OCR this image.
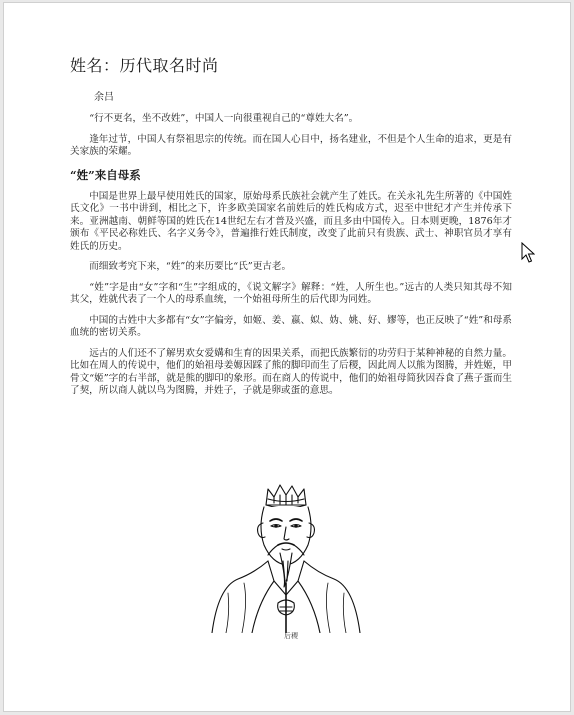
姓名：历代取名时尚
余吕

“行不更名，坐不改姓”，中国人一向很重视自己的“尊姓大名”。

逢年过节，中国人有祭祖思宗的传统。而在国人心目中，扬名建业，不但是个人生命的追求，更是有关家族的荣耀。

“姓”来自母系

中国是世界上最早使用姓氏的国家，原始母系氏族社会就产生了姓氏。在关永礼先生所著的《中国姓氏文化》一书中讲到，相比之下，许多欧美国家名前姓后的姓氏构成方式，迟至中世纪才产生并传承下来。亚洲越南、朝鲜等国的姓氏在14世纪左右才普及兴盛，而且多由中国传入。日本则更晚，1876年才颁布《平民必称姓氏、名字义务令》，普遍推行姓氏制度，改变了此前只有贵族、武士、神职官员才享有姓氏的历史。

而细致考究下来，“姓”的来历要比“氏”更古老。

“姓”字是由“女”字和“生”字组成的，《说文解字》解释：“姓，人所生也。”远古的人类只知其母不知其父，姓就代表了一个人的母系血统，一个始祖母所生的后代即为同姓。

中国的古姓中大多都有“女”字偏旁，如姬、姜、嬴、姒、妫、姚、好、嫪等，也正反映了“姓”和母系血统的密切关系。

远古的人们还不了解男欢女爱媾和生育的因果关系，而把氏族繁衍的功劳归于某种神秘的自然力量。比如在周人的传说中，他们的始祖母姜嫄因踩了熊的脚印而生了后稷，因此周人以熊为图腾，并姓姬，甲骨文“姬”字的右半部，就是熊的脚印的象形。而在商人的传说中，他们的始祖母简狄因吞食了燕子蛋而生了契，所以商人就以鸟为图腾，并姓子，子就是卵或蛋的意思。

后稷
